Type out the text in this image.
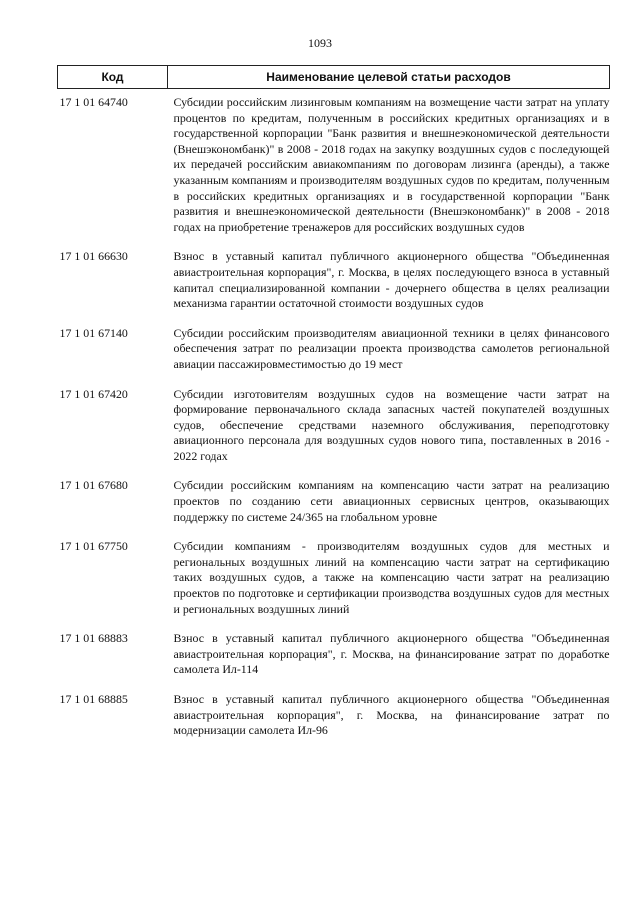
1093
Код	Наименование целевой статьи расходов
17 1 01 64740	Субсидии российским лизинговым компаниям на возмещение части затрат на уплату процентов по кредитам, полученным в российских кредитных организациях и в государственной корпорации "Банк развития и внешнеэкономической деятельности (Внешэкономбанк)" в 2008 - 2018 годах на закупку воздушных судов с последующей их передачей российским авиакомпаниям по договорам лизинга (аренды), а также указанным компаниям и производителям воздушных судов по кредитам, полученным в российских кредитных организациях и в государственной корпорации "Банк развития и внешнеэкономической деятельности (Внешэкономбанк)" в 2008 - 2018 годах на приобретение тренажеров для российских воздушных судов
17 1 01 66630	Взнос в уставный капитал публичного акционерного общества "Объединенная авиастроительная корпорация", г. Москва, в целях последующего взноса в уставный капитал специализированной компании - дочернего общества в целях реализации механизма гарантии остаточной стоимости воздушных судов
17 1 01 67140	Субсидии российским производителям авиационной техники в целях финансового обеспечения затрат по реализации проекта производства самолетов региональной авиации пассажировместимостью до 19 мест
17 1 01 67420	Субсидии изготовителям воздушных судов на возмещение части затрат на формирование первоначального склада запасных частей покупателей воздушных судов, обеспечение средствами наземного обслуживания, переподготовку авиационного персонала для воздушных судов нового типа, поставленных в 2016 - 2022 годах
17 1 01 67680	Субсидии российским компаниям на компенсацию части затрат на реализацию проектов по созданию сети авиационных сервисных центров, оказывающих поддержку по системе 24/365 на глобальном уровне
17 1 01 67750	Субсидии компаниям - производителям воздушных судов для местных и региональных воздушных линий на компенсацию части затрат на сертификацию таких воздушных судов, а также на компенсацию части затрат на реализацию проектов по подготовке и сертификации производства воздушных судов для местных и региональных воздушных линий
17 1 01 68883	Взнос в уставный капитал публичного акционерного общества "Объединенная авиастроительная корпорация", г. Москва, на финансирование затрат по доработке самолета Ил-114
17 1 01 68885	Взнос в уставный капитал публичного акционерного общества "Объединенная авиастроительная корпорация", г. Москва, на финансирование затрат по модернизации самолета Ил-96
